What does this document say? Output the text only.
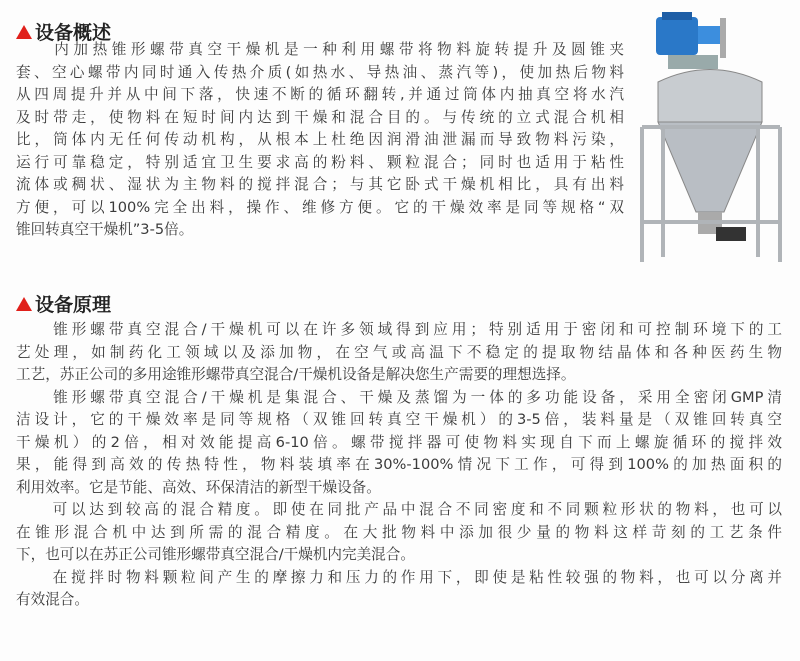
设备概述
　　内加热锥形螺带真空干燥机是一种利用螺带将物料旋转提升及圆锥夹
套、空心螺带内同时通入传热介质(如热水、导热油、蒸汽等)，使加热后物料
从四周提升并从中间下落，快速不断的循环翻转,并通过筒体内抽真空将水汽
及时带走，使物料在短时间内达到干燥和混合目的。与传统的立式混合机相
比，筒体内无任何传动机构，从根本上杜绝因润滑油泄漏而导致物料污染，
运行可靠稳定，特别适宜卫生要求高的粉料、颗粒混合；同时也适用于粘性
流体或稠状、湿状为主物料的搅拌混合；与其它卧式干燥机相比，具有出料
方便，可以100%完全出料，操作、维修方便。它的干燥效率是同等规格“双
锥回转真空干燥机”3-5倍。
设备原理
　　锥形螺带真空混合/干燥机可以在许多领域得到应用；特别适用于密闭和可控制环境下的工
艺处理，如制药化工领域以及添加物，在空气或高温下不稳定的提取物结晶体和各种医药生物
工艺，苏正公司的多用途锥形螺带真空混合/干燥机设备是解决您生产需要的理想选择。
　　锥形螺带真空混合/干燥机是集混合、干燥及蒸馏为一体的多功能设备，采用全密闭GMP清
洁设计，它的干燥效率是同等规格（双锥回转真空干燥机）的3-5倍，装料量是（双锥回转真空
干燥机）的2倍，相对效能提高6-10倍。螺带搅拌器可使物料实现自下而上螺旋循环的搅拌效
果，能得到高效的传热特性，物料装填率在30%-100%情况下工作，可得到100%的加热面积的
利用效率。它是节能、高效、环保清洁的新型干燥设备。
　　可以达到较高的混合精度。即使在同批产品中混合不同密度和不同颗粒形状的物料，也可以
在锥形混合机中达到所需的混合精度。在大批物料中添加很少量的物料这样苛刻的工艺条件
下，也可以在苏正公司锥形螺带真空混合/干燥机内完美混合。
　　在搅拌时物料颗粒间产生的摩擦力和压力的作用下，即使是粘性较强的物料，也可以分离并
有效混合。
